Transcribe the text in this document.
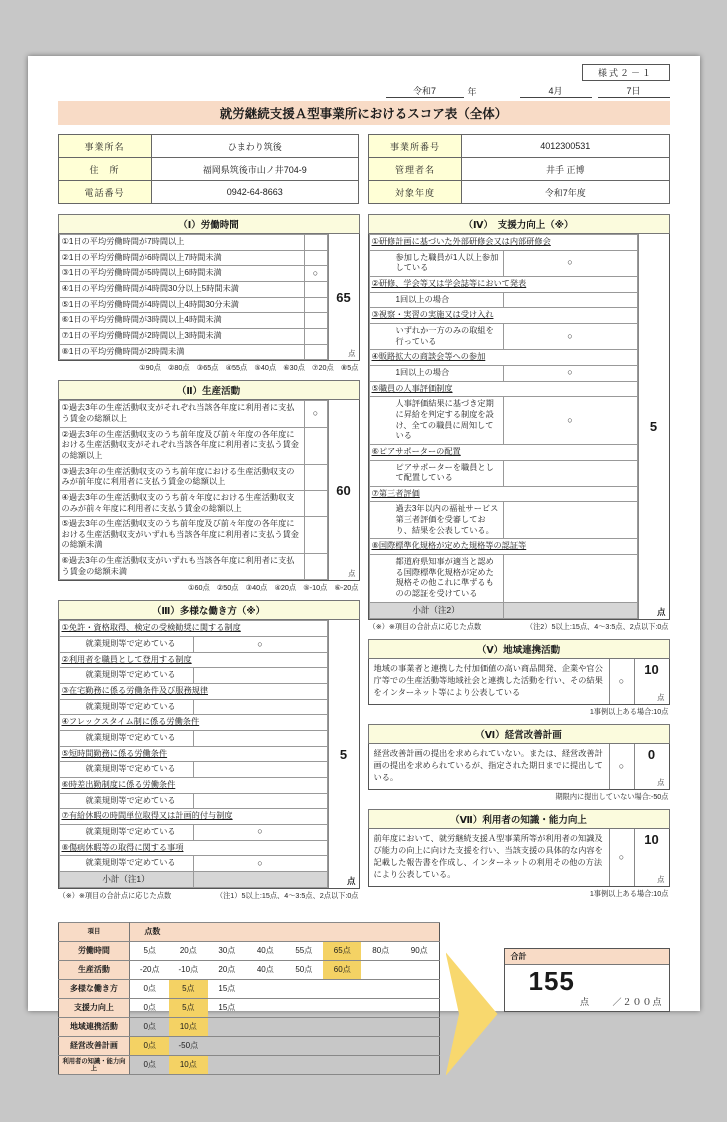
様式２－１
令和7	年	4月	7日
就労継続支援Ａ型事業所におけるスコア表（全体）
事業所名	ひまわり筑後
住　所	福岡県筑後市山ノ井704-9
電話番号	0942-64-8663
事業所番号	4012300531
管理者名	井手 正博
対象年度	令和7年度
（Ⅰ）労働時間
①1日の平均労働時間が7時間以上	
②1日の平均労働時間が6時間以上7時間未満	
③1日の平均労働時間が5時間以上6時間未満	○
④1日の平均労働時間が4時間30分以上5時間未満	
⑤1日の平均労働時間が4時間以上4時間30分未満	
⑥1日の平均労働時間が3時間以上4時間未満	
⑦1日の平均労働時間が2時間以上3時間未満	
⑧1日の平均労働時間が2時間未満	
65
点
①90点　②80点　③65点　④55点　⑤40点　⑥30点　⑦20点　⑧5点
（Ⅱ）生産活動
①過去3年の生産活動収支がそれぞれ当該各年度に利用者に支払う賃金の総額以上	○
②過去3年の生産活動収支のうち前年度及び前々年度の各年度における生産活動収支がそれぞれ当該各年度に利用者に支払う賃金の総額以上	
③過去3年の生産活動収支のうち前年度における生産活動収支のみが前年度に利用者に支払う賃金の総額以上	
④過去3年の生産活動収支のうち前々年度における生産活動収支のみが前々年度に利用者に支払う賃金の総額以上	
⑤過去3年の生産活動収支のうち前年度及び前々年度の各年度における生産活動収支がいずれも当該各年度に利用者に支払う賃金の総額未満	
⑥過去3年の生産活動収支がいずれも当該各年度に利用者に支払う賃金の総額未満	
60
点
①60点　②50点　③40点　④20点　⑤-10点　⑥-20点
（Ⅲ）多様な働き方（※）
①免許・資格取得、検定の受検勧奨に関する制度	
就業規則等で定めている	○
②利用者を職員として登用する制度	
就業規則等で定めている	
③在宅勤務に係る労働条件及び服務規律	
就業規則等で定めている	
④フレックスタイム制に係る労働条件	
就業規則等で定めている	
⑤短時間勤務に係る労働条件	
就業規則等で定めている	
⑥時差出勤制度に係る労働条件	
就業規則等で定めている	
⑦有給休暇の時間単位取得又は計画的付与制度	
就業規則等で定めている	○
⑧傷病休暇等の取得に関する事項	
就業規則等で定めている	○
小計（注1）	
5
点
（※）※項目の合計点に応じた点数	（注1）5以上:15点、4～3:5点、2点以下:0点
（Ⅳ）　支援力向上（※）
①研修計画に基づいた外部研修会又は内部研修会	
参加した職員が1人以上参加している	○
②研修、学会等又は学会誌等において発表	
1回以上の場合	
③視察・実習の実施又は受け入れ	
いずれか一方のみの取組を行っている	○
④販路拡大の商談会等への参加	
1回以上の場合	○
⑤職員の人事評価制度	
人事評価結果に基づき定期に昇給を判定する制度を設け、全ての職員に周知している	○
⑥ピアサポーターの配置	
ピアサポーターを職員として配置している	
⑦第三者評価	
過去3年以内の福祉サービス第三者評価を受審しており、結果を公表している。	
⑧国際標準化規格が定めた規格等の認証等	
都道府県知事が適当と認める国際標準化規格が定めた規格その他これに準ずるものの認証を受けている	
小計（注2）	
5
点
（※）※項目の合計点に応じた点数	（注2）5以上:15点、4～3:5点、2点以下:0点
（Ⅴ）地域連携活動
地域の事業者と連携した付加価値の高い商品開発、企業や官公庁等での生産活動等地域社会と連携した活動を行い、その結果をインターネット等により公表している
○
10
点
1事例以上ある場合:10点
（Ⅵ）経営改善計画
経営改善計画の提出を求められていない。または、経営改善計画の提出を求められているが、指定された期日までに提出している。
○
0
点
期限内に提出していない場合:-50点
（Ⅶ）利用者の知識・能力向上
前年度において、就労継続支援Ａ型事業所等が利用者の知識及び能力の向上に向けた支援を行い、当該支援の具体的な内容を記載した報告書を作成し、インターネットの利用その他の方法により公表している。
○
10
点
1事例以上ある場合:10点
項目	点数							
労働時間	5点	20点	30点	40点	55点	65点	80点	90点
生産活動	-20点	-10点	20点	40点	50点	60点		
多様な働き方	0点	5点	15点					
支援力向上	0点	5点	15点					
地域連携活動	0点	10点						
経営改善計画	0点	-50点						
利用者の知識・能力向上	0点	10点						
合計
155
点	／２００点
